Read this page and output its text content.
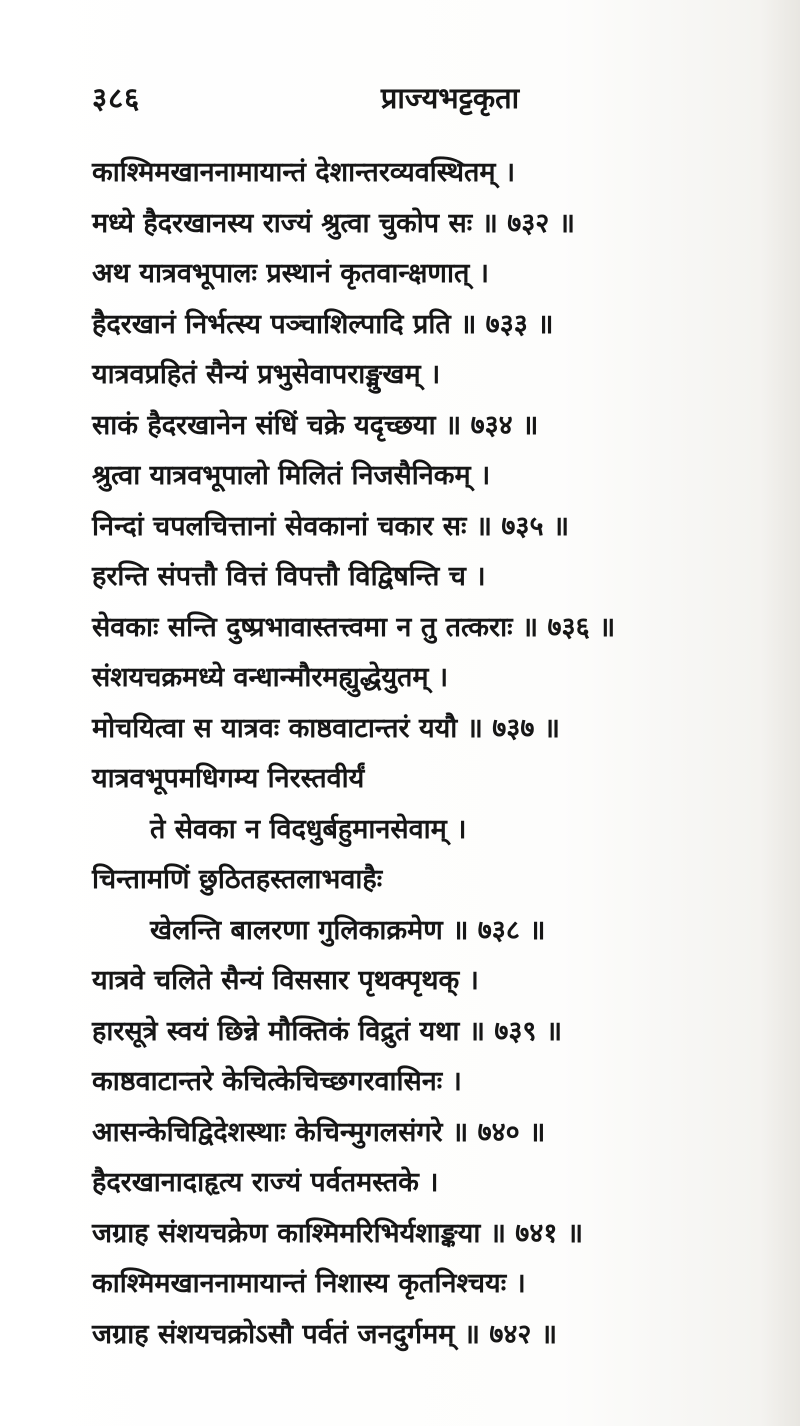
३८६	प्राज्यभट्टकृता
काश्मिमखाननामायान्तं देशान्तरव्यवस्थितम् ।
मध्ये हैदरखानस्य राज्यं श्रुत्वा चुकोप सः ॥ ७३२ ॥
अथ यात्रवभूपालः प्रस्थानं कृतवान्क्षणात् ।
हैदरखानं निर्भत्स्य पञ्चाशिल्पादि प्रति ॥ ७३३ ॥
यात्रवप्रहितं सैन्यं प्रभुसेवापराङ्मुखम् ।
साकं हैदरखानेन संधिं चक्रे यदृच्छया ॥ ७३४ ॥
श्रुत्वा यात्रवभूपालो मिलितं निजसैनिकम् ।
निन्दां चपलचित्तानां सेवकानां चकार सः ॥ ७३५ ॥
हरन्ति संपत्तौ वित्तं विपत्तौ विद्विषन्ति च ।
सेवकाः सन्ति दुष्प्रभावास्तत्त्वमा न तु तत्कराः ॥ ७३६ ॥
संशयचक्रमध्ये वन्धान्मौरमह्युद्धेयुतम् ।
मोचयित्वा स यात्रवः काष्ठवाटान्तरं ययौ ॥ ७३७ ॥
यात्रवभूपमधिगम्य निरस्तवीर्यं
ते सेवका न विदधुर्बहुमानसेवाम् ।
चिन्तामणिं छुठितहस्तलाभवाहैः
खेलन्ति बालरणा गुलिकाक्रमेण ॥ ७३८ ॥
यात्रवे चलिते सैन्यं विससार पृथक्पृथक् ।
हारसूत्रे स्वयं छिन्ने मौक्तिकं विद्रुतं यथा ॥ ७३९ ॥
काष्ठवाटान्तरे केचित्केचिच्छगरवासिनः ।
आसन्केचिद्विदेशस्थाः केचिन्मुगलसंगरे ॥ ७४० ॥
हैदरखानादाहृत्य राज्यं पर्वतमस्तके ।
जग्राह संशयचक्रेण काश्मिमरिभिर्यशाङ्कया ॥ ७४१ ॥
काश्मिमखाननामायान्तं निशास्य कृतनिश्चयः ।
जग्राह संशयचक्रोऽसौ पर्वतं जनदुर्गमम् ॥ ७४२ ॥
